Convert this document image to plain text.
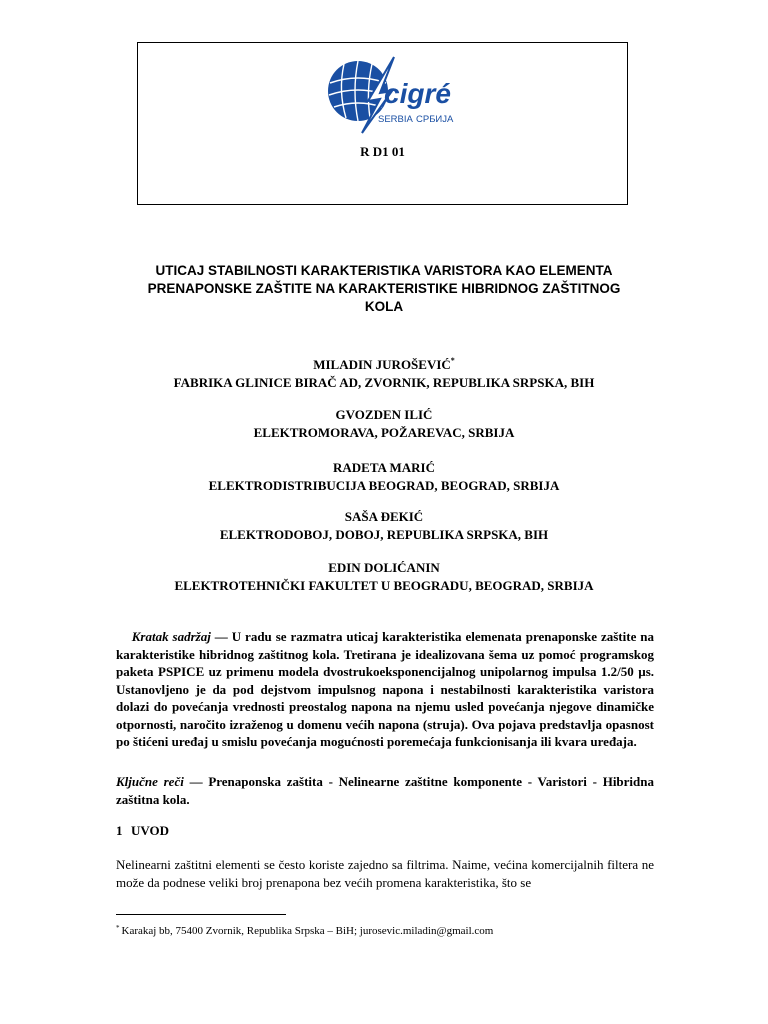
cigré
SERBIA СРБИЈА
R D1 01
UTICAJ STABILNOSTI KARAKTERISTIKA VARISTORA KAO ELEMENTA
PRENAPONSKE ZAŠTITE NA KARAKTERISTIKE HIBRIDNOG ZAŠTITNOG
KOLA
MILADIN JUROŠEVIĆ*
FABRIKA GLINICE BIRAČ AD, ZVORNIK, REPUBLIKA SRPSKA, BIH
GVOZDEN ILIĆ
ELEKTROMORAVA, POŽAREVAC, SRBIJA
RADETA MARIĆ
ELEKTRODISTRIBUCIJA BEOGRAD, BEOGRAD, SRBIJA
SAŠA ĐEKIĆ
ELEKTRODOBOJ, DOBOJ, REPUBLIKA SRPSKA, BIH
EDIN DOLIĆANIN
ELEKTROTEHNIČKI FAKULTET U BEOGRADU, BEOGRAD, SRBIJA
Kratak sadržaj — U radu se razmatra uticaj karakteristika elemenata prenaponske zaštite na karakteristike hibridnog zaštitnog kola. Tretirana je idealizovana šema uz pomoć programskog paketa PSPICE uz primenu modela dvostrukoeksponencijalnog unipolarnog impulsa 1.2/50 µs. Ustanovljeno je da pod dejstvom impulsnog napona i nestabilnosti karakteristika varistora dolazi do povećanja vrednosti preostalog napona na njemu usled povećanja njegove dinamičke otpornosti, naročito izraženog u domenu većih napona (struja). Ova pojava predstavlja opasnost po štićeni uređaj u smislu povećanja mogućnosti poremećaja funkcionisanja ili kvara uređaja.
Ključne reči — Prenaponska zaštita - Nelinearne zaštitne komponente - Varistori - Hibridna zaštitna kola.
1 UVOD
Nelinearni zaštitni elementi se često koriste zajedno sa filtrima. Naime, većina komercijalnih filtera ne može da podnese veliki broj prenapona bez većih promena karakteristika, što se
* Karakaj bb, 75400 Zvornik, Republika Srpska – BiH; jurosevic.miladin@gmail.com
